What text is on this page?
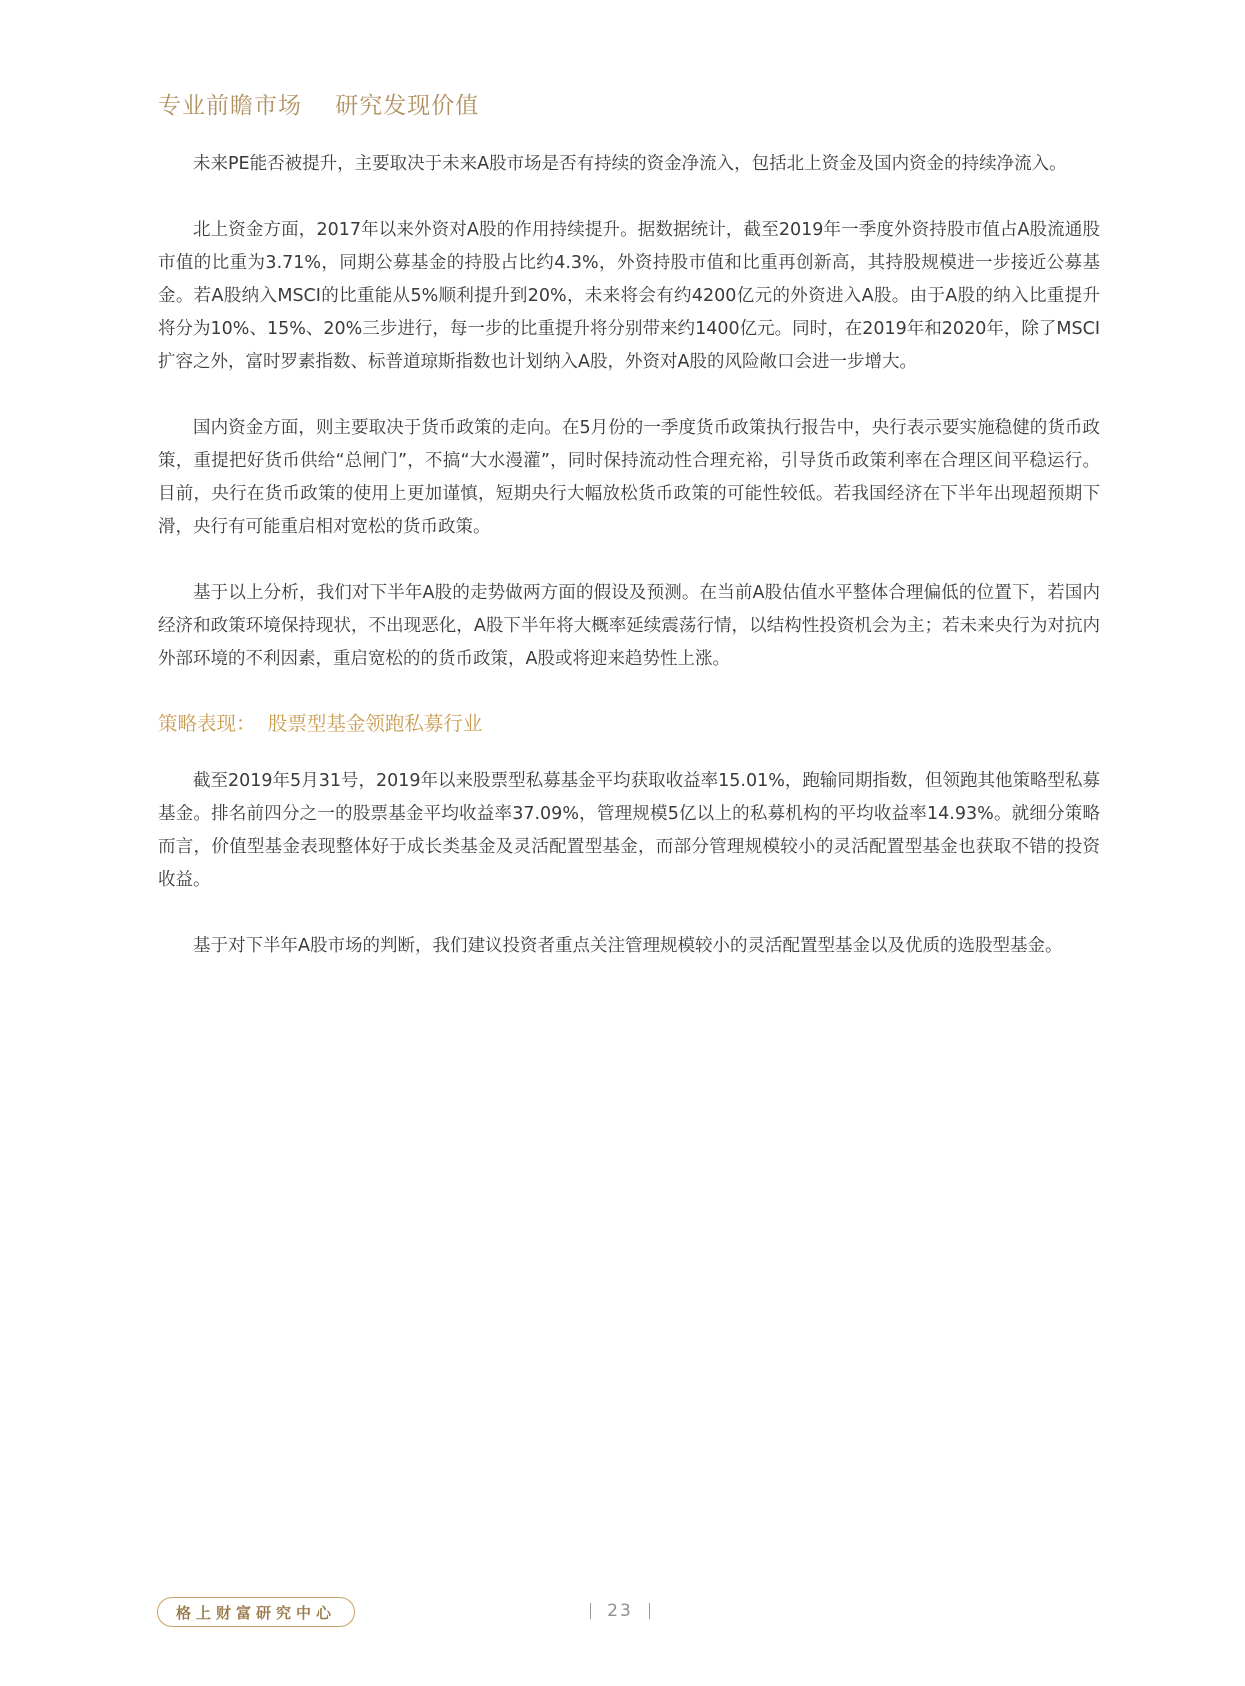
专业前瞻市场    研究发现价值

未来PE能否被提升，主要取决于未来A股市场是否有持续的资金净流入，包括北上资金及国内资金的持续净流入。

北上资金方面，2017年以来外资对A股的作用持续提升。据数据统计，截至2019年一季度外资持股市值占A股流通股市值的比重为3.71%，同期公募基金的持股占比约4.3%，外资持股市值和比重再创新高，其持股规模进一步接近公募基金。若A股纳入MSCI的比重能从5%顺利提升到20%，未来将会有约4200亿元的外资进入A股。由于A股的纳入比重提升将分为10%、15%、20%三步进行，每一步的比重提升将分别带来约1400亿元。同时，在2019年和2020年，除了MSCI扩容之外，富时罗素指数、标普道琼斯指数也计划纳入A股，外资对A股的风险敞口会进一步增大。

国内资金方面，则主要取决于货币政策的走向。在5月份的一季度货币政策执行报告中，央行表示要实施稳健的货币政策，重提把好货币供给“总闸门”，不搞“大水漫灌”，同时保持流动性合理充裕，引导货币政策利率在合理区间平稳运行。目前，央行在货币政策的使用上更加谨慎，短期央行大幅放松货币政策的可能性较低。若我国经济在下半年出现超预期下滑，央行有可能重启相对宽松的货币政策。

基于以上分析，我们对下半年A股的走势做两方面的假设及预测。在当前A股估值水平整体合理偏低的位置下，若国内经济和政策环境保持现状，不出现恶化，A股下半年将大概率延续震荡行情，以结构性投资机会为主；若未来央行为对抗内外部环境的不利因素，重启宽松的的货币政策，A股或将迎来趋势性上涨。

策略表现：  股票型基金领跑私募行业

截至2019年5月31号，2019年以来股票型私募基金平均获取收益率15.01%，跑输同期指数，但领跑其他策略型私募基金。排名前四分之一的股票基金平均收益率37.09%，管理规模5亿以上的私募机构的平均收益率14.93%。就细分策略而言，价值型基金表现整体好于成长类基金及灵活配置型基金，而部分管理规模较小的灵活配置型基金也获取不错的投资收益。

基于对下半年A股市场的判断，我们建议投资者重点关注管理规模较小的灵活配置型基金以及优质的选股型基金。

格上财富研究中心	23
